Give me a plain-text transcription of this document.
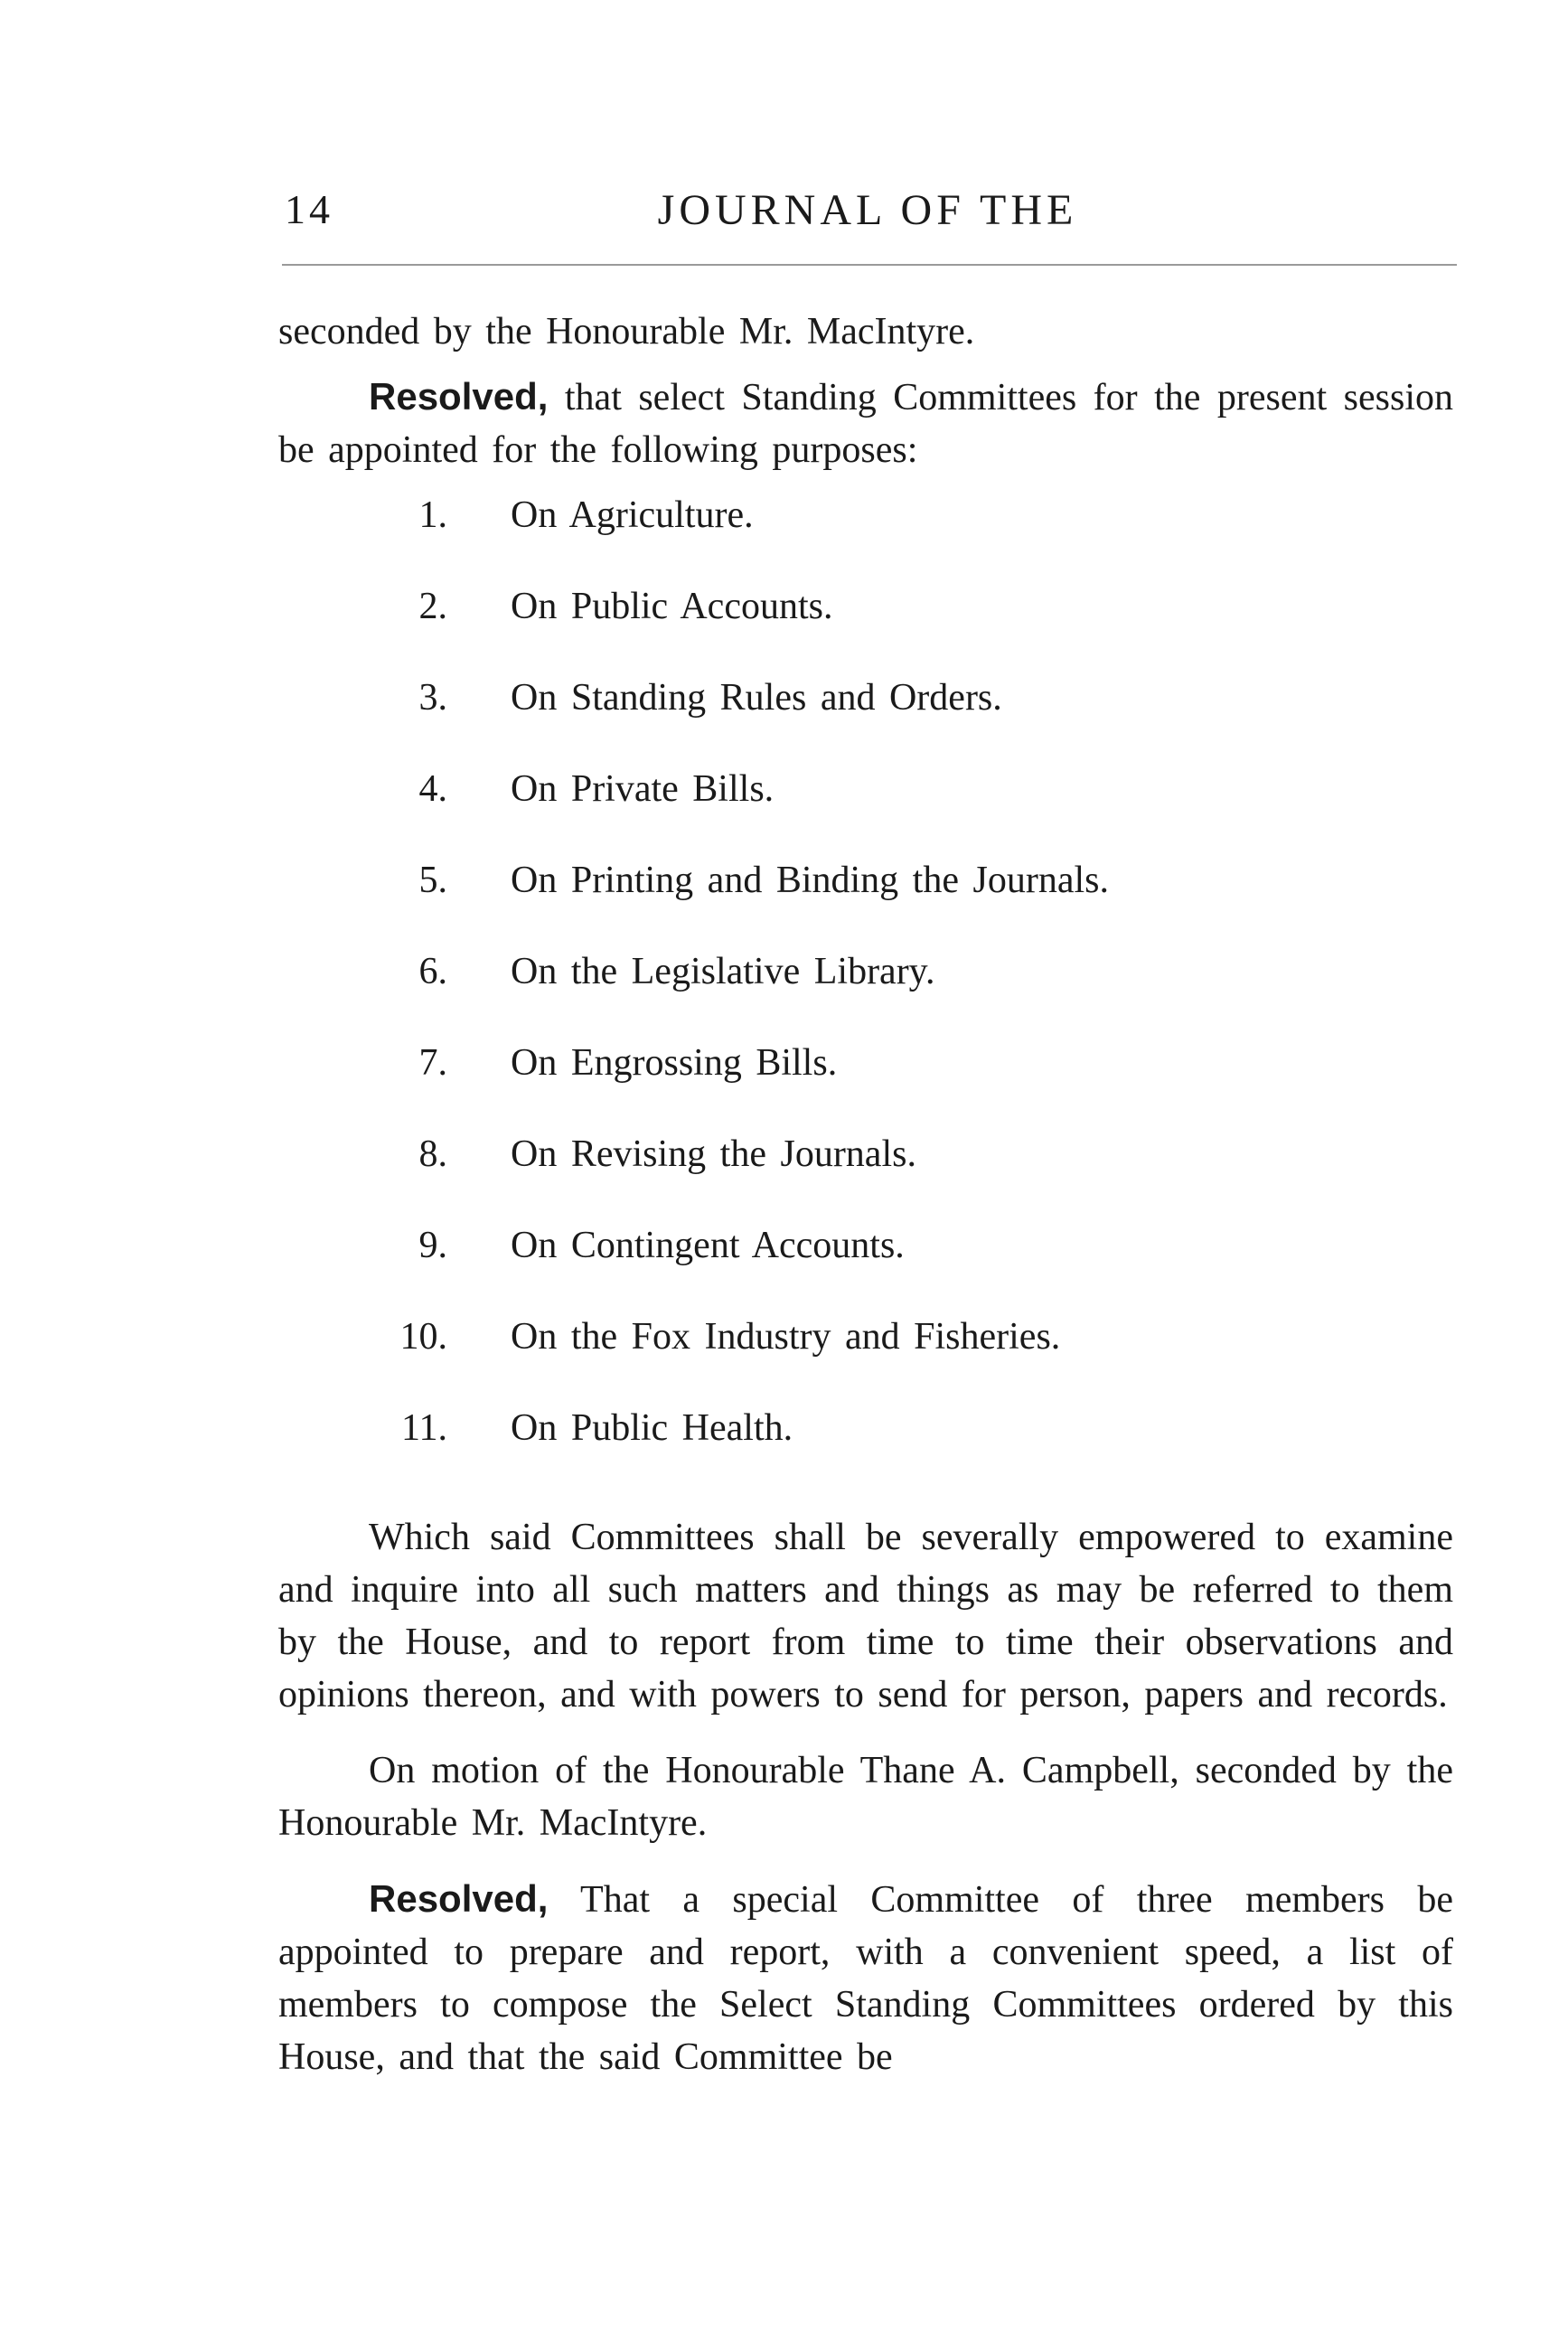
14	JOURNAL OF THE

seconded by the Honourable Mr. MacIntyre.

Resolved, that select Standing Committees for the present session be appointed for the following purposes:

1. On Agriculture.
2. On Public Accounts.
3. On Standing Rules and Orders.
4. On Private Bills.
5. On Printing and Binding the Journals.
6. On the Legislative Library.
7. On Engrossing Bills.
8. On Revising the Journals.
9. On Contingent Accounts.
10. On the Fox Industry and Fisheries.
11. On Public Health.

Which said Committees shall be severally empowered to examine and inquire into all such matters and things as may be referred to them by the House, and to report from time to time their observations and opinions thereon, and with powers to send for person, papers and records.

On motion of the Honourable Thane A. Campbell, seconded by the Honourable Mr. MacIntyre.

Resolved, That a special Committee of three members be appointed to prepare and report, with a convenient speed, a list of members to compose the Select Standing Committees ordered by this House, and that the said Committee be
